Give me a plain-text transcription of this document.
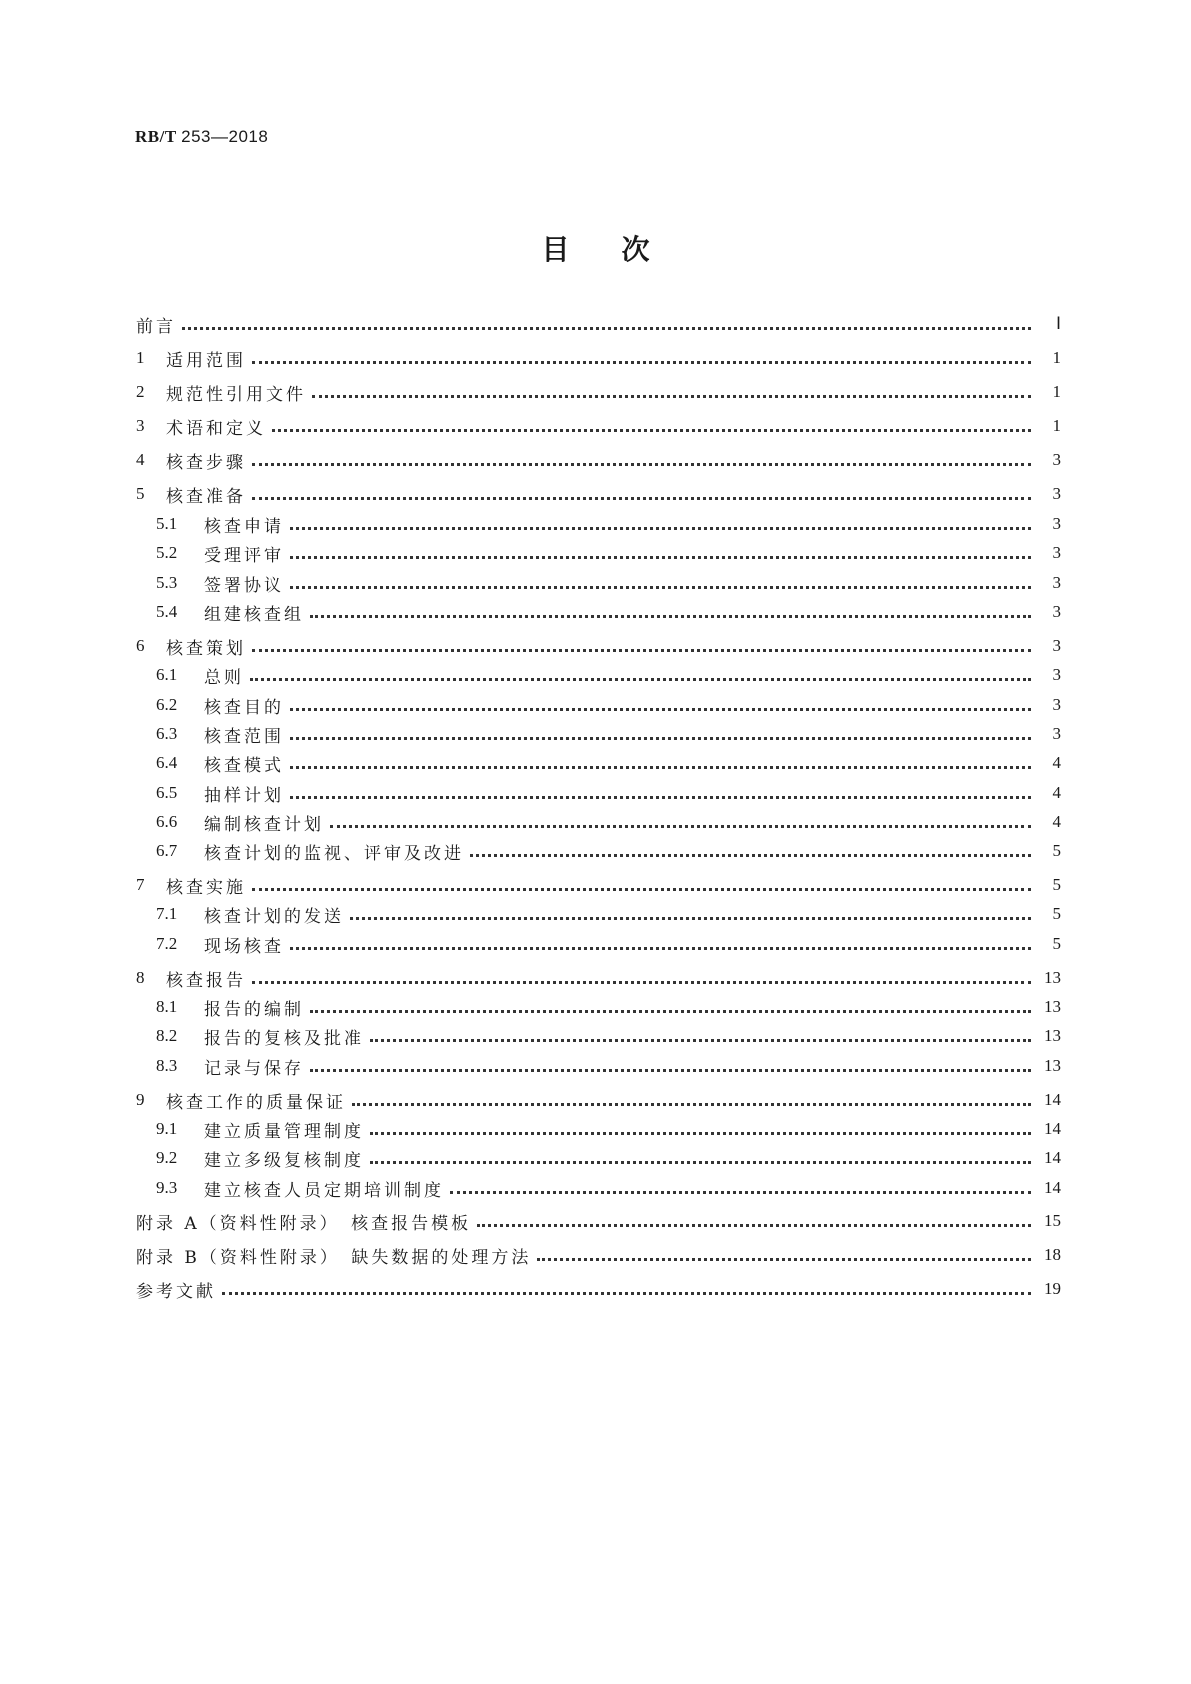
RB/T 253—2018
目次
前言	Ⅰ
1	适用范围	1
2	规范性引用文件	1
3	术语和定义	1
4	核查步骤	3
5	核查准备	3
5.1	核查申请	3
5.2	受理评审	3
5.3	签署协议	3
5.4	组建核查组	3
6	核查策划	3
6.1	总则	3
6.2	核查目的	3
6.3	核查范围	3
6.4	核查模式	4
6.5	抽样计划	4
6.6	编制核查计划	4
6.7	核查计划的监视、评审及改进	5
7	核查实施	5
7.1	核查计划的发送	5
7.2	现场核查	5
8	核查报告	13
8.1	报告的编制	13
8.2	报告的复核及批准	13
8.3	记录与保存	13
9	核查工作的质量保证	14
9.1	建立质量管理制度	14
9.2	建立多级复核制度	14
9.3	建立核查人员定期培训制度	14
附录 A（资料性附录）　核查报告模板	15
附录 B（资料性附录）　缺失数据的处理方法	18
参考文献	19
